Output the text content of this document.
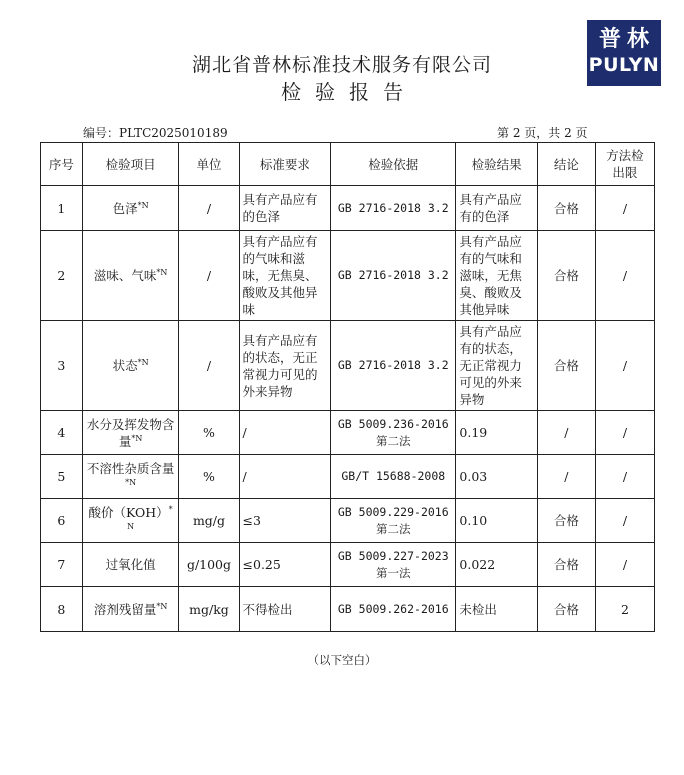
普林
PULYN
湖北省普林标准技术服务有限公司
检验报告
编号：PLTC2025010189	第 2 页，共 2 页
序号	检验项目	单位	标准要求	检验依据	检验结果	结论	方法检出限
1	色泽$^{*N}$	/	具有产品应有的色泽	GB 2716-2018 3.2	具有产品应有的色泽	合格	/
2	滋味、气味$^{*N}$	/	具有产品应有的气味和滋味，无焦臭、酸败及其他异味	GB 2716-2018 3.2	具有产品应有的气味和滋味，无焦臭、酸败及其他异味	合格	/
3	状态$^{*N}$	/	具有产品应有的状态，无正常视力可见的外来异物	GB 2716-2018 3.2	具有产品应有的状态，无正常视力可见的外来异物	合格	/
4	水分及挥发物含量$^{*N}$	%	/	GB 5009.236-2016 第二法	0.19	/	/
5	不溶性杂质含量$^{*N}$	%	/	GB/T 15688-2008	0.03	/	/
6	酸价（KOH）$^{*N}$	mg/g	≤3	GB 5009.229-2016 第二法	0.10	合格	/
7	过氧化值	g/100g	≤0.25	GB 5009.227-2023 第一法	0.022	合格	/
8	溶剂残留量$^{*N}$	mg/kg	不得检出	GB 5009.262-2016	未检出	合格	2
（以下空白）
